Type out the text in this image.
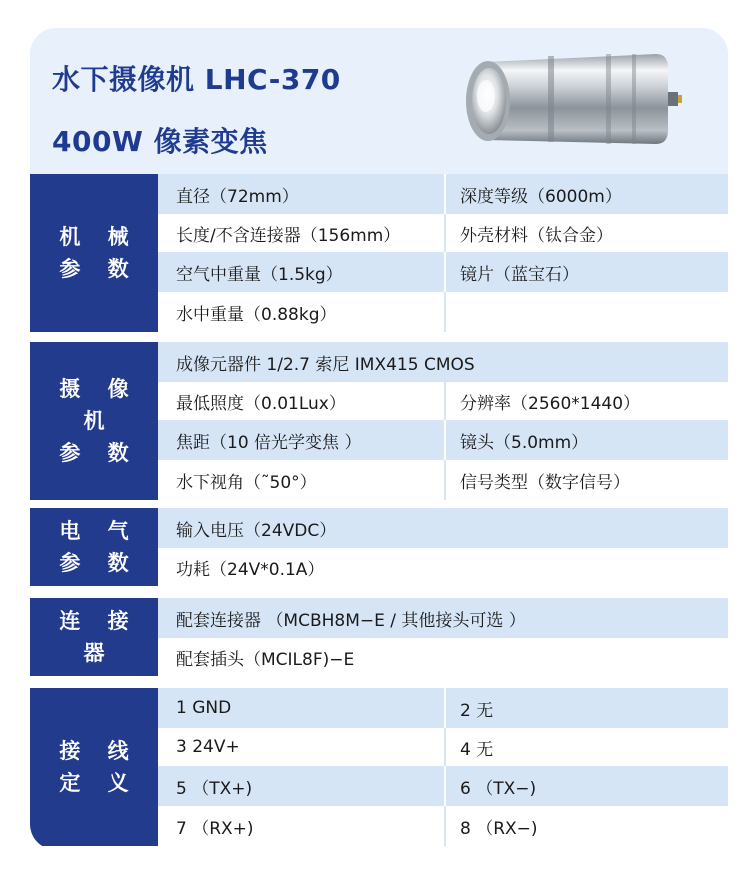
水下摄像机 LHC-370
400W 像素变焦
机 械
参 数
直径（72mm）	深度等级（6000m）
长度/不含连接器（156mm）	外壳材料（钛合金）
空气中重量（1.5kg）	镜片（蓝宝石）
水中重量（0.88kg）
摄 像 机
参 数
成像元器件 1/2.7 索尼 IMX415 CMOS
最低照度（0.01Lux）	分辨率（2560*1440）
焦距（10 倍光学变焦 ）	镜头（5.0mm）
水下视角（˜50°）	信号类型（数字信号）
电 气
参 数
输入电压（24VDC）
功耗（24V*0.1A）
连 接 器
配套连接器 （MCBH8M−E / 其他接头可选 ）
配套插头（MCIL8F)−E
接 线
定 义
1 GND	2 无
3 24V+	4 无
5 （TX+)	6 （TX−)
7 （RX+)	8 （RX−)
